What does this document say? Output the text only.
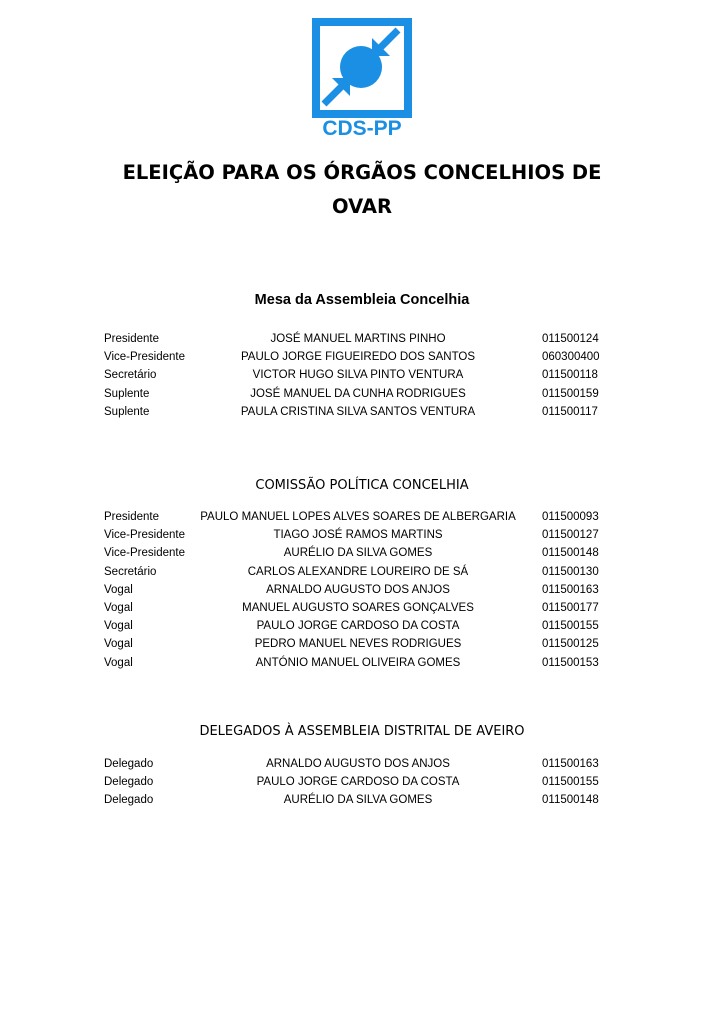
CDS-PP
ELEIÇÃO PARA OS ÓRGÃOS CONCELHIOS DE OVAR
Mesa da Assembleia Concelhia
Presidente	JOSÉ MANUEL MARTINS PINHO	011500124
Vice-Presidente	PAULO JORGE FIGUEIREDO DOS SANTOS	060300400
Secretário	VICTOR HUGO SILVA PINTO VENTURA	011500118
Suplente	JOSÉ MANUEL DA CUNHA RODRIGUES	011500159
Suplente	PAULA CRISTINA SILVA SANTOS VENTURA	011500117
COMISSÃO POLÍTICA CONCELHIA
Presidente	PAULO MANUEL LOPES ALVES SOARES DE ALBERGARIA	011500093
Vice-Presidente	TIAGO JOSÉ RAMOS MARTINS	011500127
Vice-Presidente	AURÉLIO DA SILVA GOMES	011500148
Secretário	CARLOS ALEXANDRE LOUREIRO DE SÁ	011500130
Vogal	ARNALDO AUGUSTO DOS ANJOS	011500163
Vogal	MANUEL AUGUSTO SOARES GONÇALVES	011500177
Vogal	PAULO JORGE CARDOSO DA COSTA	011500155
Vogal	PEDRO MANUEL NEVES RODRIGUES	011500125
Vogal	ANTÓNIO MANUEL OLIVEIRA GOMES	011500153
DELEGADOS À ASSEMBLEIA DISTRITAL DE AVEIRO
Delegado	ARNALDO AUGUSTO DOS ANJOS	011500163
Delegado	PAULO JORGE CARDOSO DA COSTA	011500155
Delegado	AURÉLIO DA SILVA GOMES	011500148
